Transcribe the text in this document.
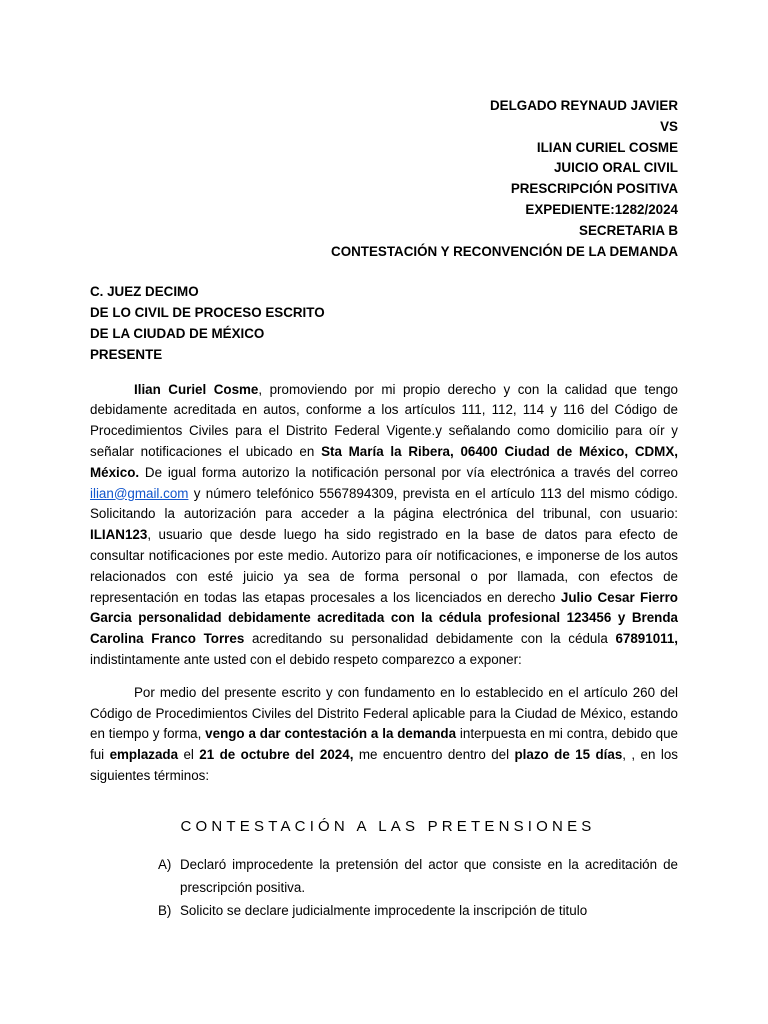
DELGADO REYNAUD JAVIER
VS
ILIAN CURIEL COSME
JUICIO ORAL CIVIL
PRESCRIPCIÓN POSITIVA
EXPEDIENTE:1282/2024
SECRETARIA B
CONTESTACIÓN Y RECONVENCIÓN DE LA DEMANDA
C. JUEZ DECIMO
DE LO CIVIL DE PROCESO ESCRITO
DE LA CIUDAD DE MÉXICO
PRESENTE

Ilian Curiel Cosme, promoviendo por mi propio derecho y con la calidad que tengo debidamente acreditada en autos, conforme a los artículos 111, 112, 114 y 116 del Código de Procedimientos Civiles para el Distrito Federal Vigente.y señalando como domicilio para oír y señalar notificaciones el ubicado en Sta María la Ribera, 06400 Ciudad de México, CDMX, México. De igual forma autorizo la notificación personal por vía electrónica a través del correo ilian@gmail.com y número telefónico 5567894309, prevista en el artículo 113 del mismo código. Solicitando la autorización para acceder a la página electrónica del tribunal, con usuario: ILIAN123, usuario que desde luego ha sido registrado en la base de datos para efecto de consultar notificaciones por este medio. Autorizo para oír notificaciones, e imponerse de los autos relacionados con esté juicio ya sea de forma personal o por llamada, con efectos de representación en todas las etapas procesales a los licenciados en derecho Julio Cesar Fierro Garcia personalidad debidamente acreditada con la cédula profesional 123456 y Brenda Carolina Franco Torres acreditando su personalidad debidamente con la cédula 67891011, indistintamente ante usted con el debido respeto comparezco a exponer:

Por medio del presente escrito y con fundamento en lo establecido en el artículo 260 del Código de Procedimientos Civiles del Distrito Federal aplicable para la Ciudad de México, estando en tiempo y forma, vengo a dar contestación a la demanda interpuesta en mi contra, debido que fui emplazada el 21 de octubre del 2024, me encuentro dentro del plazo de 15 días, , en los siguientes términos:

CONTESTACIÓN A LAS PRETENSIONES
A) Declaró improcedente la pretensión del actor que consiste en la acreditación de prescripción positiva.
B) Solicito se declare judicialmente improcedente la inscripción de titulo
